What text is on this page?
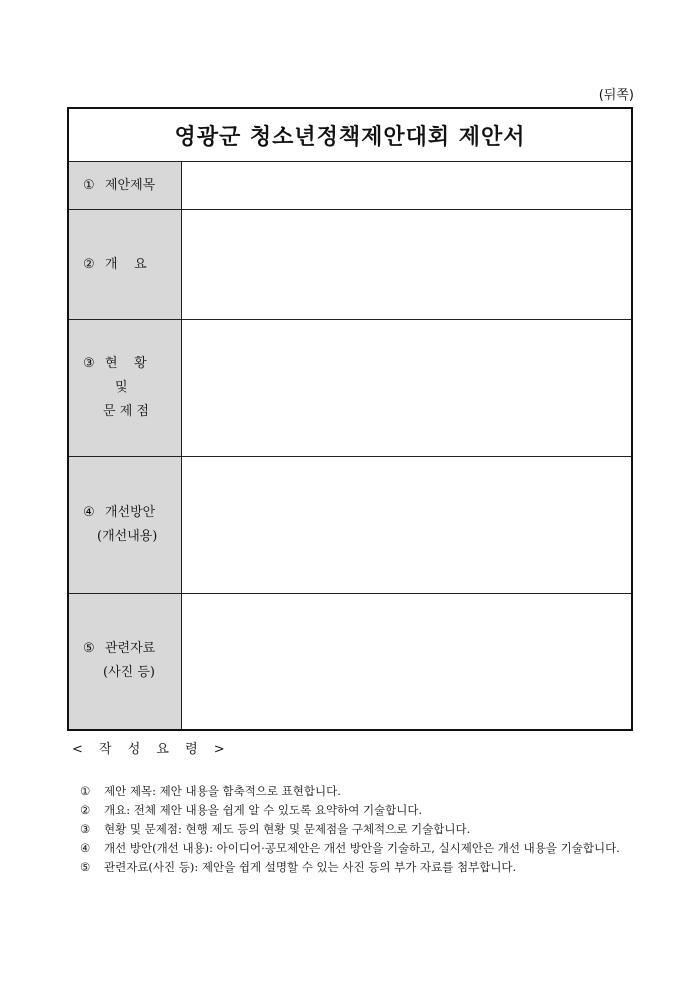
(뒤쪽)
영광군 청소년정책제안대회 제안서	

① 제안제목	

② 개    요	

③ 현    황
및
문 제 점	

④ 개선방안
(개선내용)	

⑤ 관련자료
(사진 등)	

< 작 성 요 령 >
①	제안 제목: 제안 내용을 함축적으로 표현합니다.
②	개요: 전체 제안 내용을 쉽게 알 수 있도록 요약하여 기술합니다.
③	현황 및 문제점: 현행 제도 등의 현황 및 문제점을 구체적으로 기술합니다.
④	개선 방안(개선 내용): 아이디어·공모제안은 개선 방안을 기술하고, 실시제안은 개선 내용을 기술합니다.
⑤	관련자료(사진 등): 제안을 쉽게 설명할 수 있는 사진 등의 부가 자료를 첨부합니다.
